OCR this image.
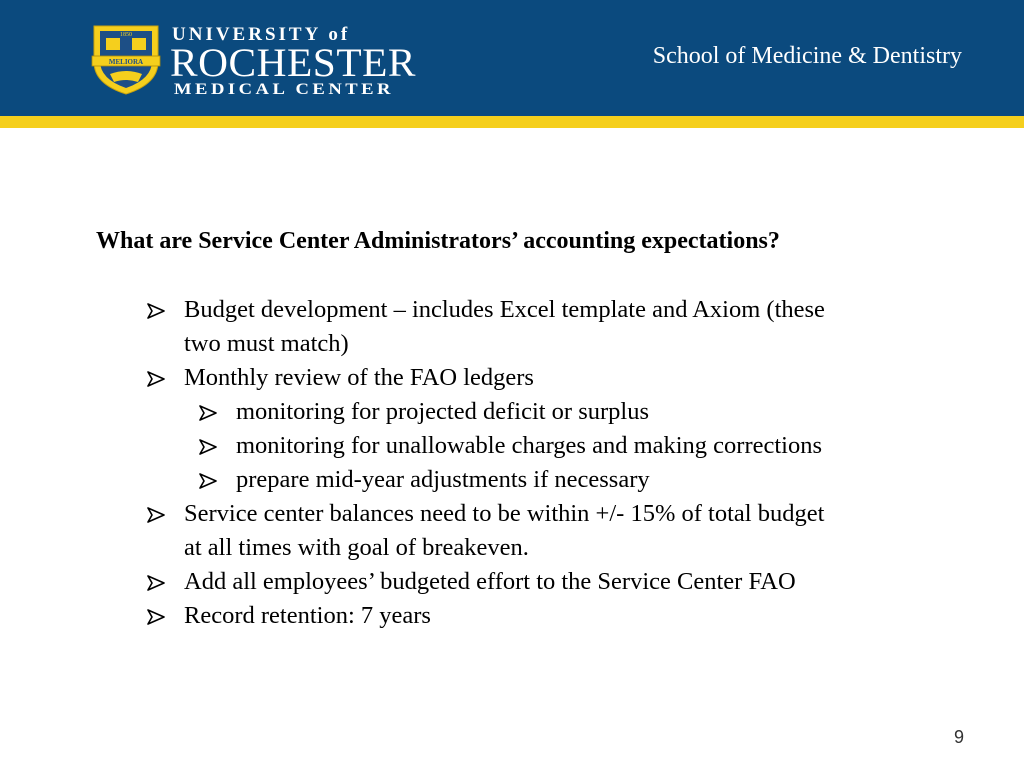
1850
MELIORA
UNIVERSITY of
ROCHESTER
MEDICAL CENTER
School of Medicine & Dentistry
What are Service Center Administrators’ accounting expectations?
Budget development – includes Excel template and Axiom (these
two must match)
Monthly review of the FAO ledgers
monitoring for projected deficit or surplus
monitoring for unallowable charges and making corrections
prepare mid-year adjustments if necessary
Service center balances need to be within +/- 15% of total budget
at all times with goal of breakeven.
Add all employees’ budgeted effort to the Service Center FAO
Record retention: 7 years
9
